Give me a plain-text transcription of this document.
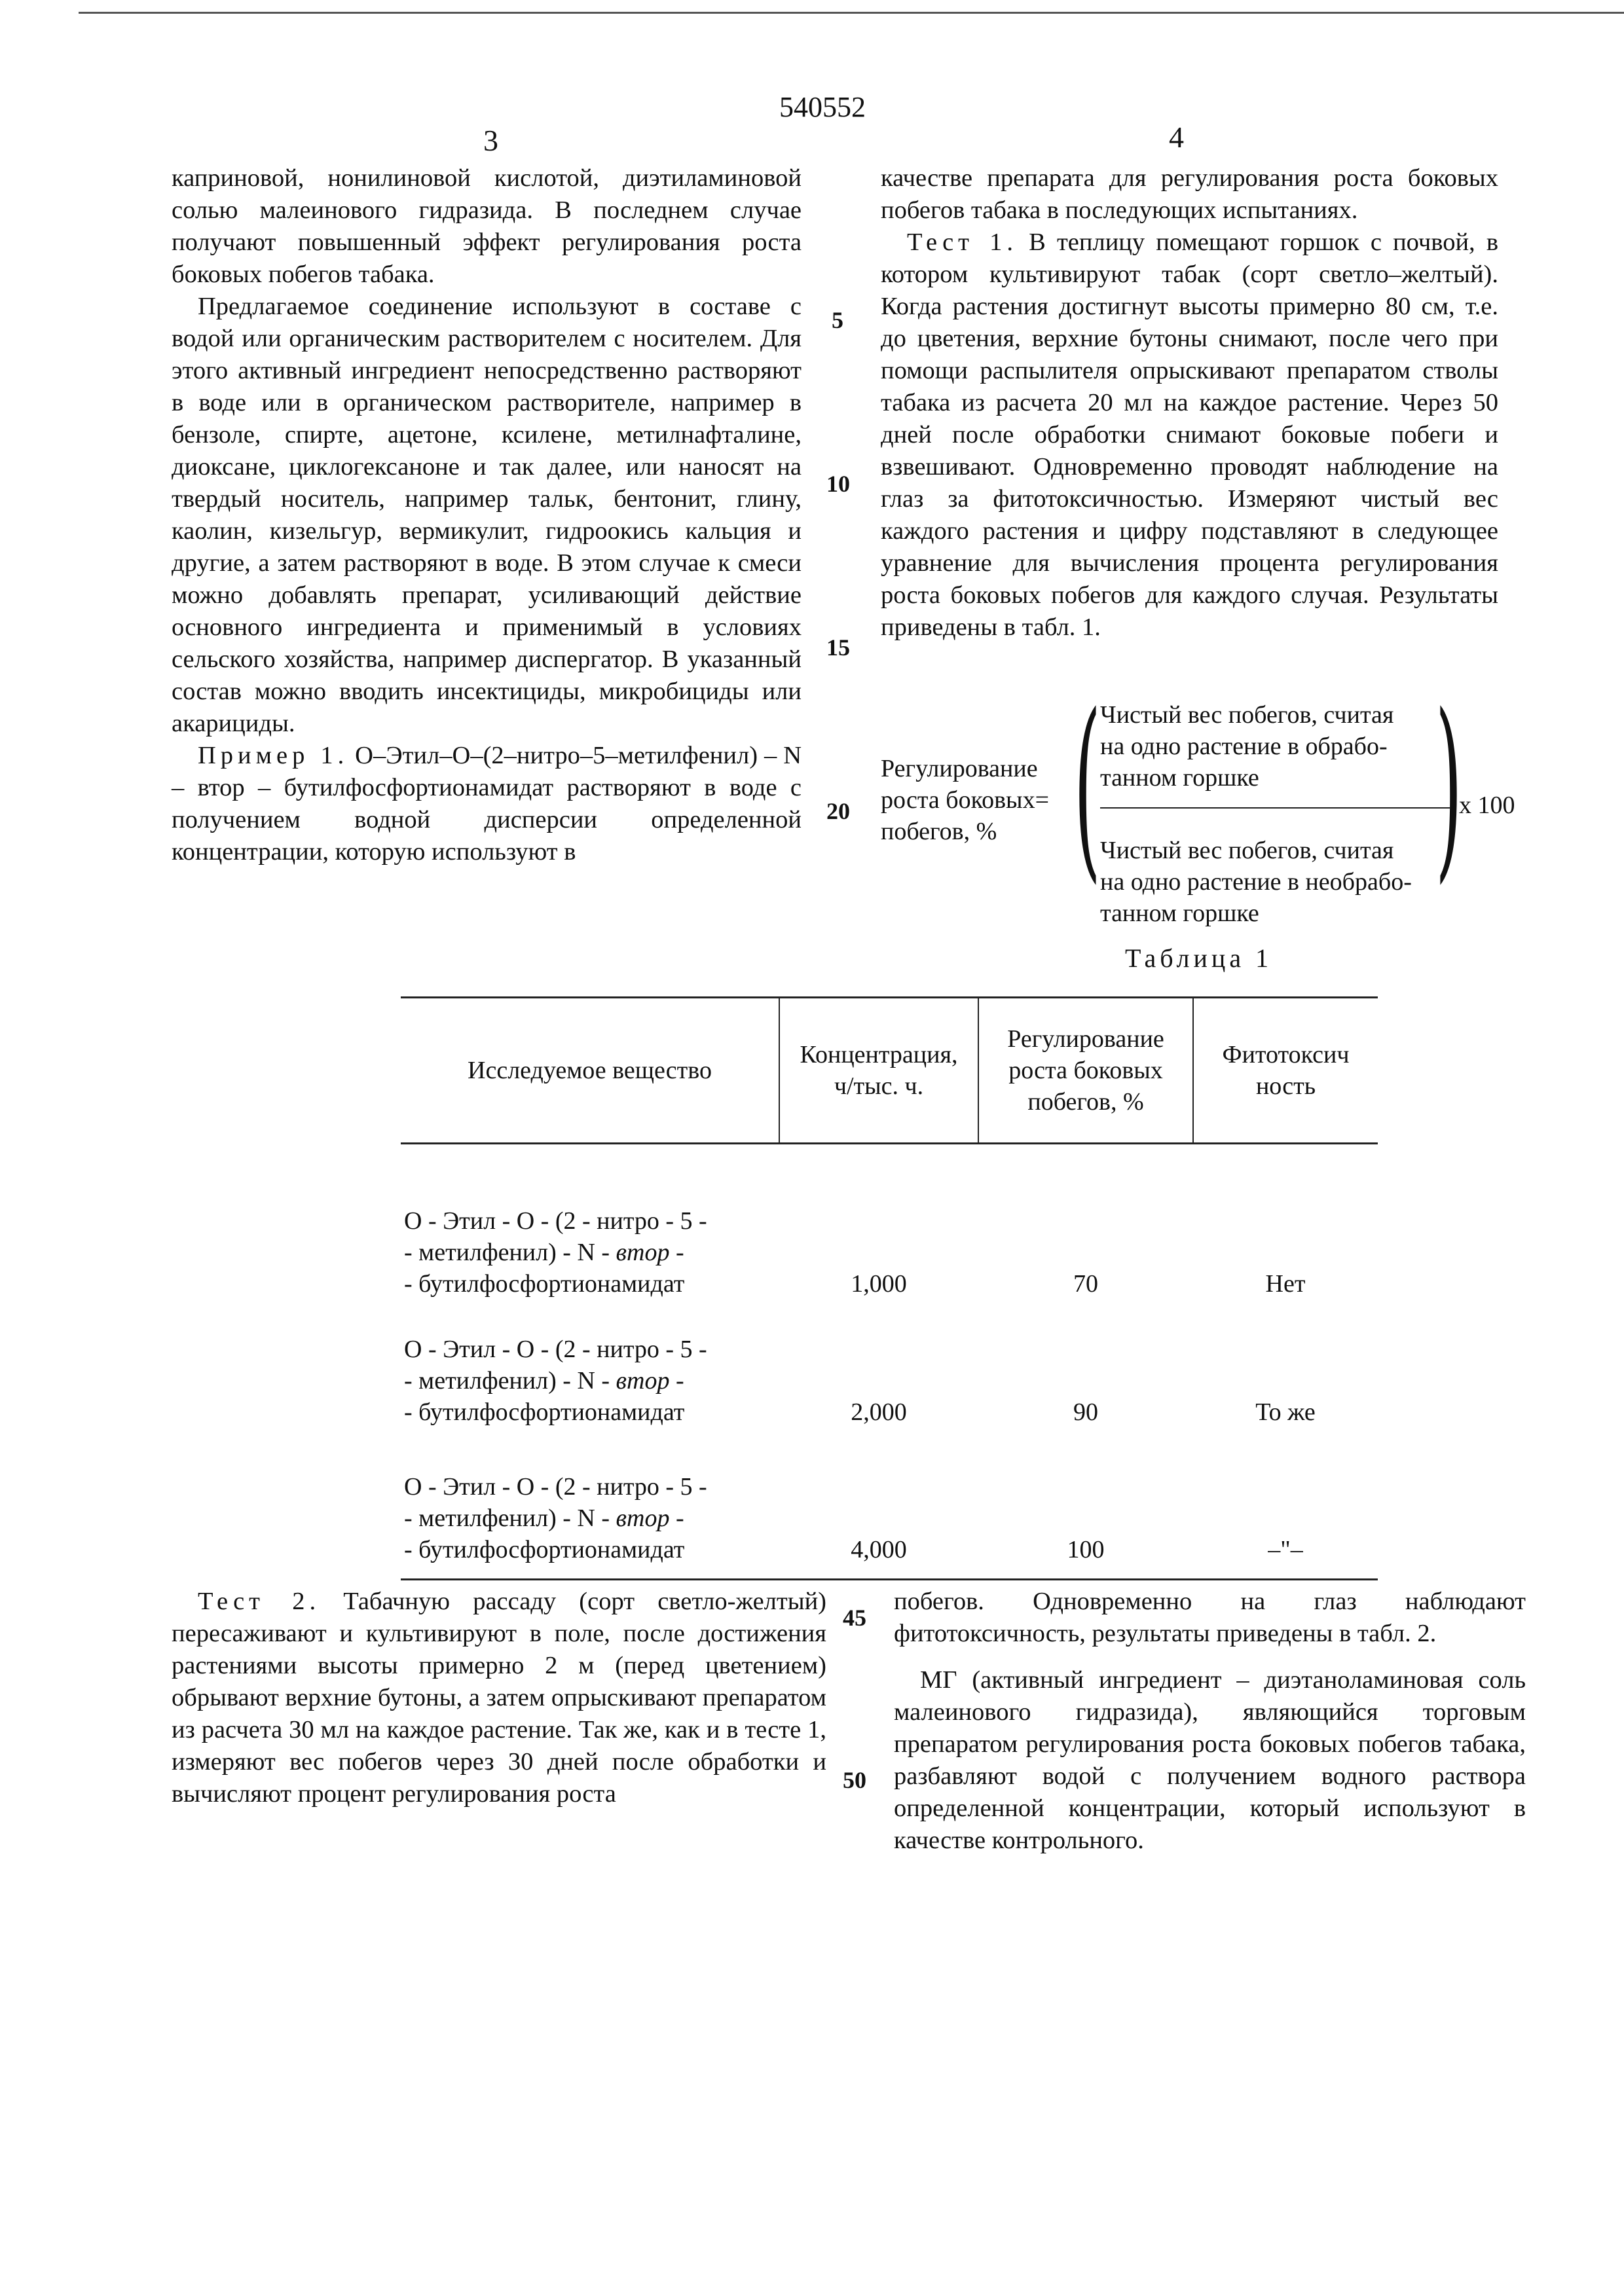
540552
3	4

каприновой, нонилиновой кислотой, диэтиламиновой солью малеинового гидразида. В последнем случае получают повышенный эффект регулирования роста боковых побегов табака.

Предлагаемое соединение используют в составе с водой или органическим растворителем с носителем. Для этого активный ингредиент непосредственно растворяют в воде или в органическом растворителе, например в бензоле, спирте, ацетоне, ксилене, метилнафталине, диоксане, циклогексаноне и так далее, или наносят на твердый носитель, например тальк, бентонит, глину, каолин, кизельгур, вермикулит, гидроокись кальция и другие, а затем растворяют в воде. В этом случае к смеси можно добавлять препарат, усиливающий действие основного ингредиента и применимый в условиях сельского хозяйства, например диспергатор. В указанный состав можно вводить инсектициды, микробициды или акарициды.

Пример 1. О–Этил–О–(2–нитро–5–метилфенил) – N – втор – бутилфосфортионамидат растворяют в воде с получением водной дисперсии определенной концентрации, которую используют в

качестве препарата для регулирования роста боковых побегов табака в последующих испытаниях.

Тест 1. В теплицу помещают горшок с почвой, в котором культивируют табак (сорт светло–желтый). Когда растения достигнут высоты примерно 80 см, т.е. до цветения, верхние бутоны снимают, после чего при помощи распылителя опрыскивают препаратом стволы табака из расчета 20 мл на каждое растение. Через 50 дней после обработки снимают боковые побеги и взвешивают. Одновременно проводят наблюдение на глаз за фитотоксичностью. Измеряют чистый вес каждого растения и цифру подставляют в следующее уравнение для вычисления процента регулирования роста боковых побегов для каждого случая. Результаты приведены в табл. 1.

5
10
15
20
45
50
Регулирование
роста боковых=
побегов, % ( )
Чистый вес побегов, считая
на одно растение в обрабо-
танном горшке
Чистый вес побегов, считая
на одно растение в необрабо-
танном горшке
x 100
Таблица 1
Исследуемое вещество	Концентрация,
ч/тыс. ч.	Регулирование
роста боковых
побегов, %	Фитотоксич
ность

О - Этил - О - (2 - нитро - 5 -
- метилфенил) - N - втор -
- бутилфосфортионамидат	1,000	70	Нет

О - Этил - О - (2 - нитро - 5 -
- метилфенил) - N - втор -
- бутилфосфортионамидат	2,000	90	То же

О - Этил - О - (2 - нитро - 5 -
- метилфенил) - N - втор -
- бутилфосфортионамидат	4,000	100	–"–

Тест 2. Табачную рассаду (сорт светло-желтый) пересаживают и культивируют в поле, после достижения растениями высоты примерно 2 м (перед цветением) обрывают верхние бутоны, а затем опрыскивают препаратом из расчета 30 мл на каждое растение. Так же, как и в тесте 1, измеряют вес побегов через 30 дней после обработки и вычисляют процент регулирования роста

побегов. Одновременно на глаз наблюдают фитотоксичность, результаты приведены в табл. 2.

МГ (активный ингредиент – диэтаноламиновая соль малеинового гидразида), являющийся торговым препаратом регулирования роста боковых побегов табака, разбавляют водой с получением водного раствора определенной концентрации, который используют в качестве контрольного.
